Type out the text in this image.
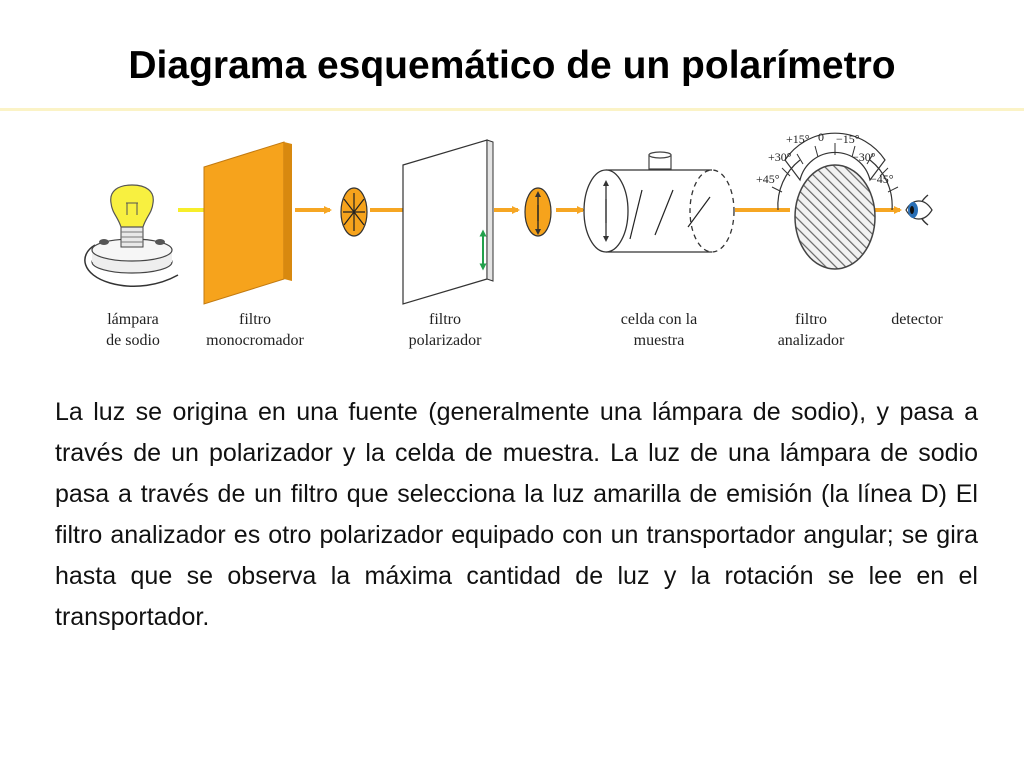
Diagrama esquemático de un polarímetro
+15° 0 −15°
+30°	−30°
+45°	−45°
lámpara
de sodio
filtro
monocromador
filtro
polarizador
celda con la
muestra
filtro
analizador
detector

La luz se origina en una fuente (generalmente una lámpara de sodio), y pasa a través de un polarizador y la celda de muestra. La luz de una lámpara de sodio pasa a través de un filtro que selecciona la luz amarilla de emisión (la línea D) El filtro analizador es otro polarizador equipado con un transportador angular; se gira hasta que se observa la máxima cantidad de luz y la rotación se lee en el transportador.
